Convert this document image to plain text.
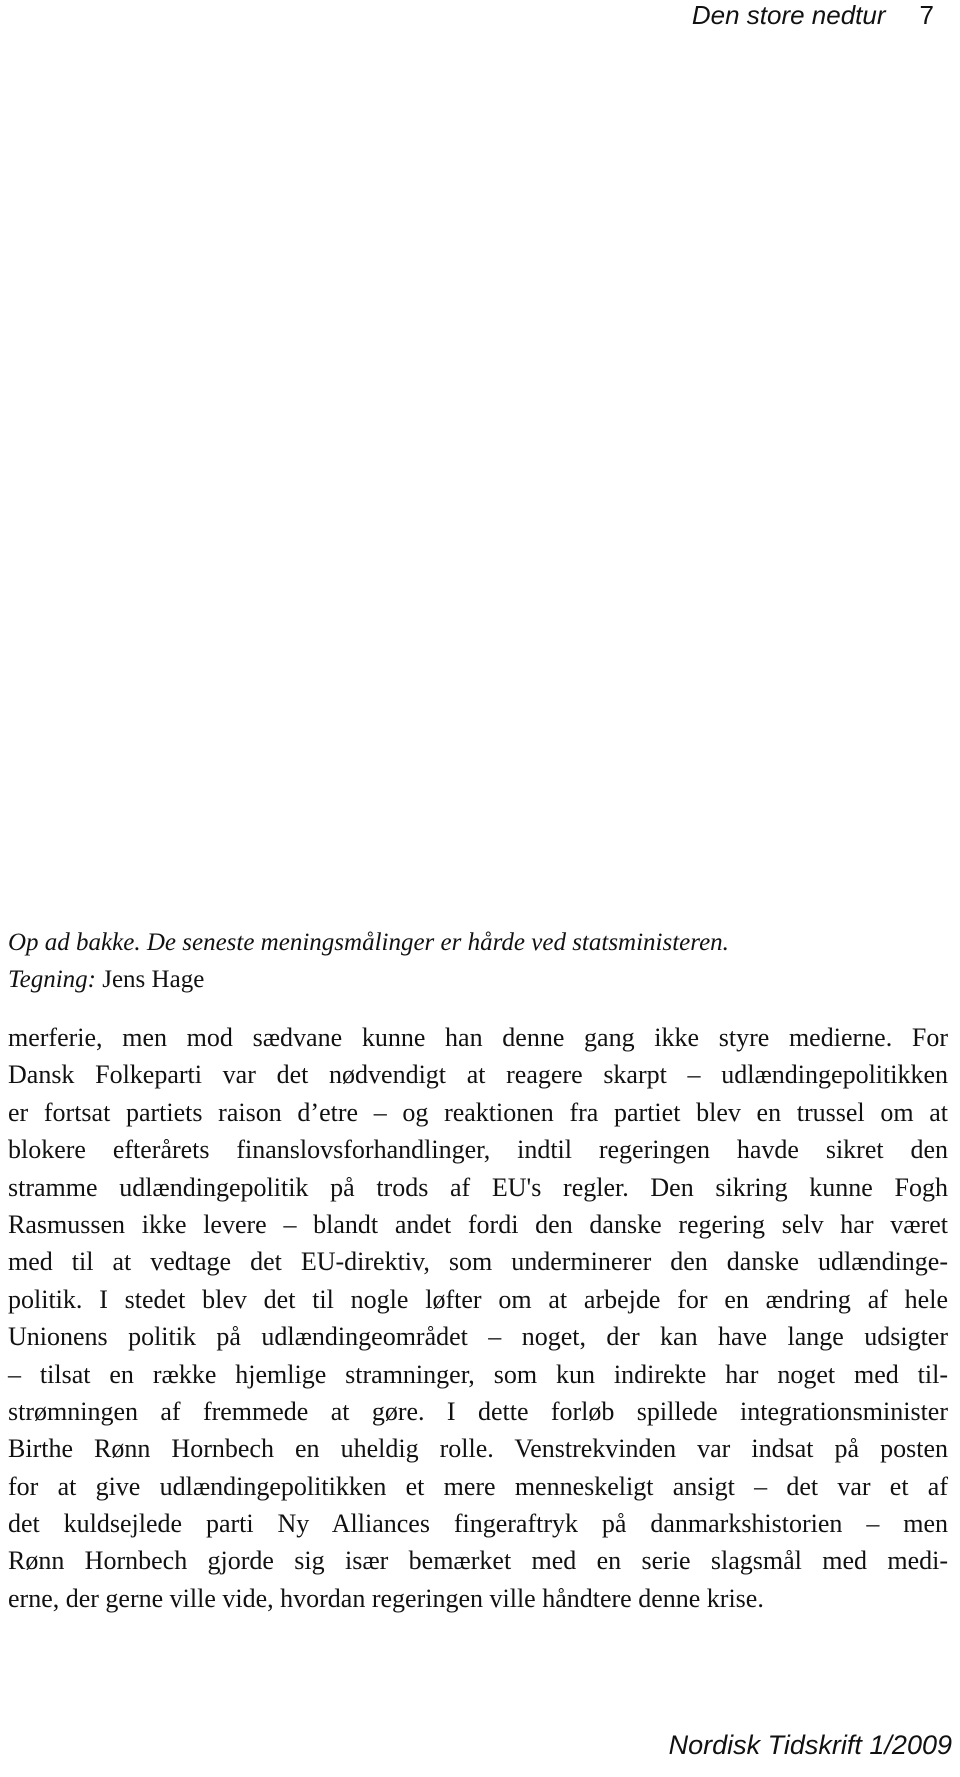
Den store nedtur 7
Op ad bakke. De seneste meningsmålinger er hårde ved statsministeren.
Tegning: Jens Hage
merferie, men mod sædvane kunne han denne gang ikke styre medierne. For
Dansk Folkeparti var det nødvendigt at reagere skarpt – udlændingepolitikken
er fortsat partiets raison d’etre – og reaktionen fra partiet blev en trussel om at
blokere efterårets finanslovsforhandlinger, indtil regeringen havde sikret den
stramme udlændingepolitik på trods af EU's regler. Den sikring kunne Fogh
Rasmussen ikke levere – blandt andet fordi den danske regering selv har været
med til at vedtage det EU-direktiv, som underminerer den danske udlændinge-
politik. I stedet blev det til nogle løfter om at arbejde for en ændring af hele
Unionens politik på udlændingeområdet – noget, der kan have lange udsigter
– tilsat en række hjemlige stramninger, som kun indirekte har noget med til-
strømningen af fremmede at gøre. I dette forløb spillede integrationsminister
Birthe Rønn Hornbech en uheldig rolle. Venstrekvinden var indsat på posten
for at give udlændingepolitikken et mere menneskeligt ansigt – det var et af
det kuldsejlede parti Ny Alliances fingeraftryk på danmarkshistorien – men
Rønn Hornbech gjorde sig især bemærket med en serie slagsmål med medi-
erne, der gerne ville vide, hvordan regeringen ville håndtere denne krise.
Nordisk Tidskrift 1/2009
